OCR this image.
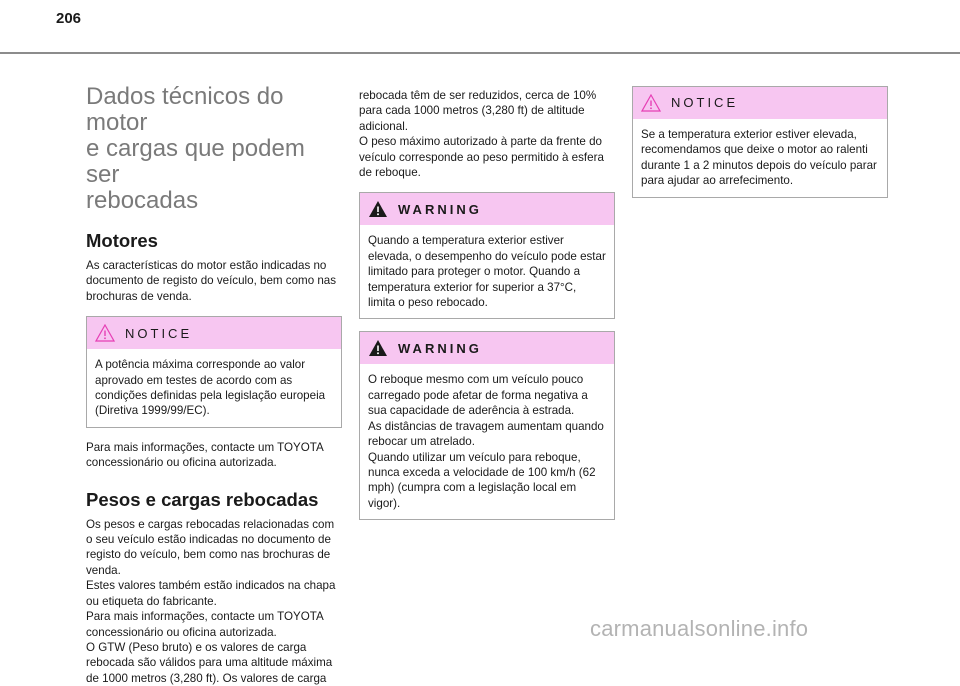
206
Dados técnicos do motor
e cargas que podem ser
rebocadas
Motores

As características do motor estão indicadas no documento de registo do veículo, bem como nas brochuras de venda.

NOTICE
A potência máxima corresponde ao valor aprovado em testes de acordo com as condições definidas pela legislação europeia (Diretiva 1999/99/EC).

Para mais informações, contacte um TOYOTA concessionário ou oficina autorizada.

Pesos e cargas rebocadas

Os pesos e cargas rebocadas relacionadas com o seu veículo estão indicadas no documento de registo do veículo, bem como nas brochuras de venda.
Estes valores também estão indicados na chapa ou etiqueta do fabricante.
Para mais informações, contacte um TOYOTA concessionário ou oficina autorizada.
O GTW (Peso bruto) e os valores de carga rebocada são válidos para uma altitude máxima de 1000 metros (3,280 ft). Os valores de carga

rebocada têm de ser reduzidos, cerca de 10% para cada 1000 metros (3,280 ft) de altitude adicional.
O peso máximo autorizado à parte da frente do veículo corresponde ao peso permitido à esfera de reboque.

WARNING
Quando a temperatura exterior estiver elevada, o desempenho do veículo pode estar limitado para proteger o motor. Quando a temperatura exterior for superior a 37°C, limita o peso rebocado.
WARNING
O reboque mesmo com um veículo pouco carregado pode afetar de forma negativa a sua capacidade de aderência à estrada.
As distâncias de travagem aumentam quando rebocar um atrelado.
Quando utilizar um veículo para reboque, nunca exceda a velocidade de 100 km/h (62 mph) (cumpra com a legislação local em vigor).
NOTICE
Se a temperatura exterior estiver elevada, recomendamos que deixe o motor ao ralenti durante 1 a 2 minutos depois do veículo parar para ajudar ao arrefecimento.
carmanualsonline.info
